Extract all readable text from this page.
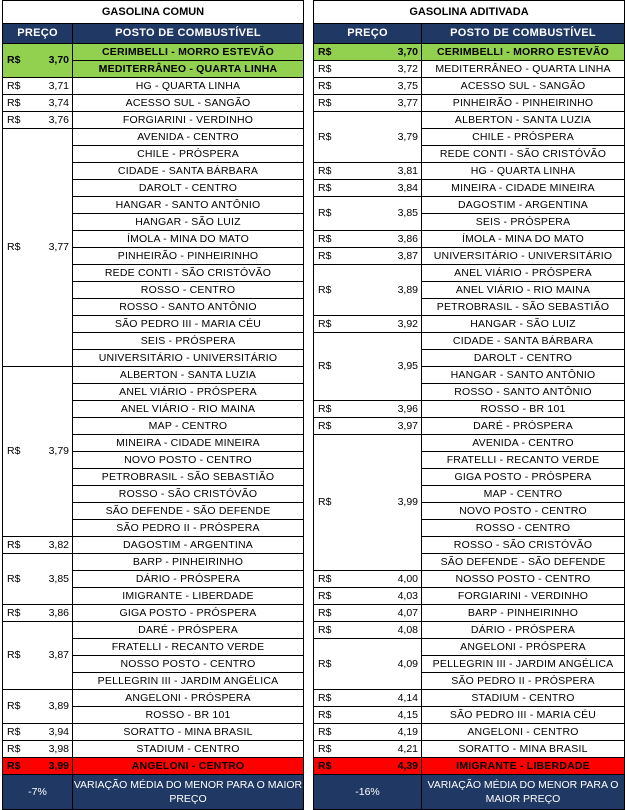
GASOLINA COMUN	
PREÇO	POSTO DE COMBUSTÍVEL

R$ 3,70	CERIMBELLI - MORRO ESTEVÃO
	MEDITERRÂNEO - QUARTA LINHA

R$ 3,71	HG - QUARTA LINHA

R$ 3,74	ACESSO SUL - SANGÃO

R$ 3,76	FORGIARINI - VERDINHO

R$ 3,77	AVENIDA - CENTRO
	CHILE - PRÓSPERA
	CIDADE - SANTA BÁRBARA
	DAROLT - CENTRO
	HANGAR - SANTO ANTÔNIO
	HANGAR - SÃO LUIZ
	ÍMOLA - MINA DO MATO
	PINHEIRÃO - PINHEIRINHO
	REDE CONTI - SÃO CRISTÓVÃO
	ROSSO - CENTRO
	ROSSO - SANTO ANTÔNIO
	SÃO PEDRO III - MARIA CÉU
	SEIS - PRÓSPERA
	UNIVERSITÁRIO - UNIVERSITÁRIO

R$ 3,79	ALBERTON - SANTA LUZIA
	ANEL VIÁRIO - PRÓSPERA
	ANEL VIÁRIO - RIO MAINA
	MAP - CENTRO
	MINEIRA - CIDADE MINEIRA
	NOVO POSTO - CENTRO
	PETROBRASIL - SÃO SEBASTIÃO
	ROSSO - SÃO CRISTÓVÃO
	SÃO DEFENDE - SÃO DEFENDE
	SÃO PEDRO II - PRÓSPERA

R$ 3,82	DAGOSTIM - ARGENTINA

R$ 3,85	BARP - PINHEIRINHO
	DÁRIO - PRÓSPERA
	IMIGRANTE - LIBERDADE

R$ 3,86	GIGA POSTO - PRÓSPERA

R$ 3,87	DARÉ - PRÓSPERA
	FRATELLI - RECANTO VERDE
	NOSSO POSTO - CENTRO
	PELLEGRIN III - JARDIM ANGÉLICA

R$ 3,89	ANGELONI - PRÓSPERA
	ROSSO - BR 101

R$ 3,94	SORATTO - MINA BRASIL

R$ 3,98	STADIUM - CENTRO

R$ 3,99	ANGELONI - CENTRO
-7%	VARIAÇÃO MÉDIA DO MENOR PARA O MAIOR PREÇO
GASOLINA ADITIVADA	
PREÇO	POSTO DE COMBUSTÍVEL

R$ 3,70	CERIMBELLI - MORRO ESTEVÃO

R$ 3,72	MEDITERRÂNEO - QUARTA LINHA

R$ 3,75	ACESSO SUL - SANGÃO

R$ 3,77	PINHEIRÃO - PINHEIRINHO

R$ 3,79	ALBERTON - SANTA LUZIA
	CHILE - PRÓSPERA
	REDE CONTI - SÃO CRISTÓVÃO

R$ 3,81	HG - QUARTA LINHA

R$ 3,84	MINEIRA - CIDADE MINEIRA

R$ 3,85	DAGOSTIM - ARGENTINA
	SEIS - PRÓSPERA

R$ 3,86	ÍMOLA - MINA DO MATO

R$ 3,87	UNIVERSITÁRIO - UNIVERSITÁRIO

R$ 3,89	ANEL VIÁRIO - PRÓSPERA
	ANEL VIÁRIO - RIO MAINA
	PETROBRASIL - SÃO SEBASTIÃO

R$ 3,92	HANGAR - SÃO LUIZ

R$ 3,95	CIDADE - SANTA BÁRBARA
	DAROLT - CENTRO
	HANGAR - SANTO ANTÔNIO
	ROSSO - SANTO ANTÔNIO

R$ 3,96	ROSSO - BR 101

R$ 3,97	DARÉ - PRÓSPERA

R$ 3,99	AVENIDA - CENTRO
	FRATELLI - RECANTO VERDE
	GIGA POSTO - PRÓSPERA
	MAP - CENTRO
	NOVO POSTO - CENTRO
	ROSSO - CENTRO
	ROSSO - SÃO CRISTÓVÃO
	SÃO DEFENDE - SÃO DEFENDE

R$ 4,00	NOSSO POSTO - CENTRO

R$ 4,03	FORGIARINI - VERDINHO

R$ 4,07	BARP - PINHEIRINHO

R$ 4,08	DÁRIO - PRÓSPERA

R$ 4,09	ANGELONI - PRÓSPERA
	PELLEGRIN III - JARDIM ANGÉLICA
	SÃO PEDRO II - PRÓSPERA

R$ 4,14	STADIUM - CENTRO

R$ 4,15	SÃO PEDRO III - MARIA CÉU

R$ 4,19	ANGELONI - CENTRO

R$ 4,21	SORATTO - MINA BRASIL

R$ 4,39	IMIGRANTE - LIBERDADE
-16%	VARIAÇÃO MÉDIA DO MENOR PARA O MAIOR PREÇO
